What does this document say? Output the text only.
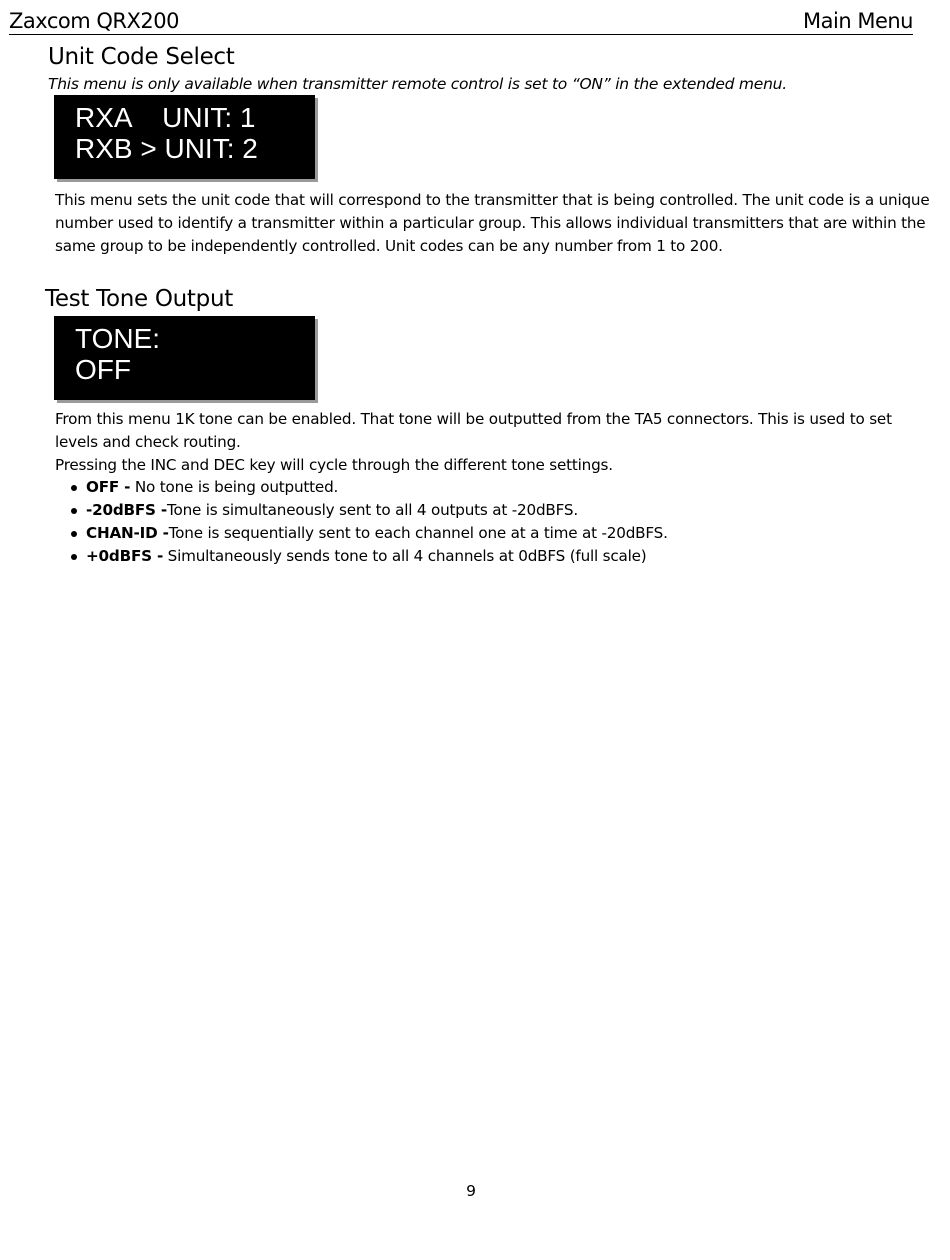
Zaxcom QRX200	Main Menu
Unit Code Select
This menu is only available when transmitter remote control is set to “ON” in the extended menu.
RXA    UNIT: 1
RXB > UNIT: 2

This menu sets the unit code that will correspond to the transmitter that is being controlled. The unit code is a unique number used to identify a transmitter within a particular group. This allows individual transmitters that are within the same group to be independently controlled. Unit codes can be any number from 1 to 200.

Test Tone Output
TONE:
OFF

From this menu 1K tone can be enabled. That tone will be outputted from the TA5 connectors. This is used to set levels and check routing.

Pressing the INC and DEC key will cycle through the different tone settings.

OFF - No tone is being outputted.
-20dBFS -Tone is simultaneously sent to all 4 outputs at -20dBFS.
CHAN-ID -Tone is sequentially sent to each channel one at a time at -20dBFS.
+0dBFS - Simultaneously sends tone to all 4 channels at 0dBFS (full scale)
9
